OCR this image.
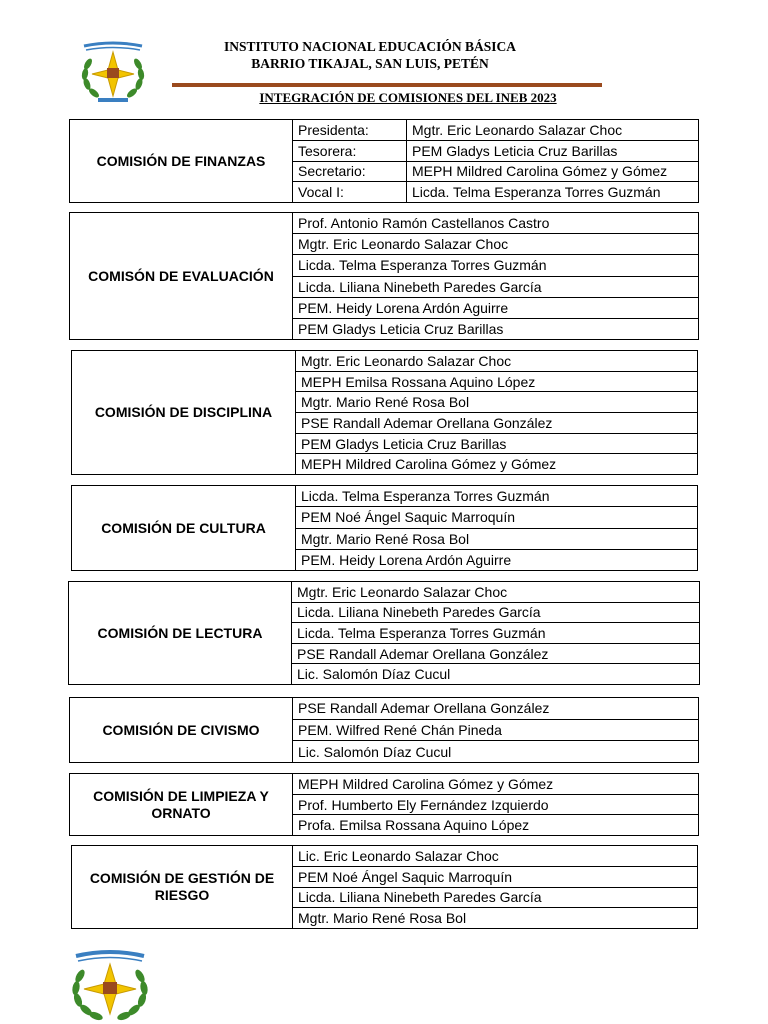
INSTITUTO NACIONAL EDUCACIÓN BÁSICA
BARRIO TIKAJAL, SAN LUIS, PETÉN
INTEGRACIÓN DE COMISIONES DEL INEB 2023
COMISIÓN DE FINANZAS
Presidenta:	Mgtr. Eric Leonardo Salazar Choc
Tesorera:	PEM Gladys Leticia Cruz Barillas
Secretario:	MEPH Mildred Carolina Gómez y Gómez
Vocal I:	Licda. Telma Esperanza Torres Guzmán
COMISÓN DE EVALUACIÓN
Prof. Antonio Ramón Castellanos Castro
Mgtr. Eric Leonardo Salazar Choc
Licda. Telma Esperanza Torres Guzmán
Licda. Liliana Ninebeth Paredes García
PEM. Heidy Lorena Ardón Aguirre
PEM Gladys Leticia Cruz Barillas
COMISIÓN DE DISCIPLINA
Mgtr. Eric Leonardo Salazar Choc
MEPH Emilsa Rossana Aquino López
Mgtr. Mario René Rosa Bol
PSE Randall Ademar Orellana González
PEM Gladys Leticia Cruz Barillas
MEPH Mildred Carolina Gómez y Gómez
COMISIÓN DE CULTURA
Licda. Telma Esperanza Torres Guzmán
PEM Noé Ángel Saquic Marroquín
Mgtr. Mario René Rosa Bol
PEM. Heidy Lorena Ardón Aguirre
COMISIÓN DE LECTURA
Mgtr. Eric Leonardo Salazar Choc
Licda. Liliana Ninebeth Paredes García
Licda. Telma Esperanza Torres Guzmán
PSE Randall Ademar Orellana González
Lic. Salomón Díaz Cucul
COMISIÓN DE CIVISMO
PSE Randall Ademar Orellana González
PEM. Wilfred René Chán Pineda
Lic. Salomón Díaz Cucul
COMISIÓN DE LIMPIEZA Y ORNATO
MEPH Mildred Carolina Gómez y Gómez
Prof. Humberto Ely Fernández Izquierdo
Profa. Emilsa Rossana Aquino López
COMISIÓN DE GESTIÓN DE RIESGO
Lic. Eric Leonardo Salazar Choc
PEM Noé Ángel Saquic Marroquín
Licda. Liliana Ninebeth Paredes García
Mgtr. Mario René Rosa Bol
